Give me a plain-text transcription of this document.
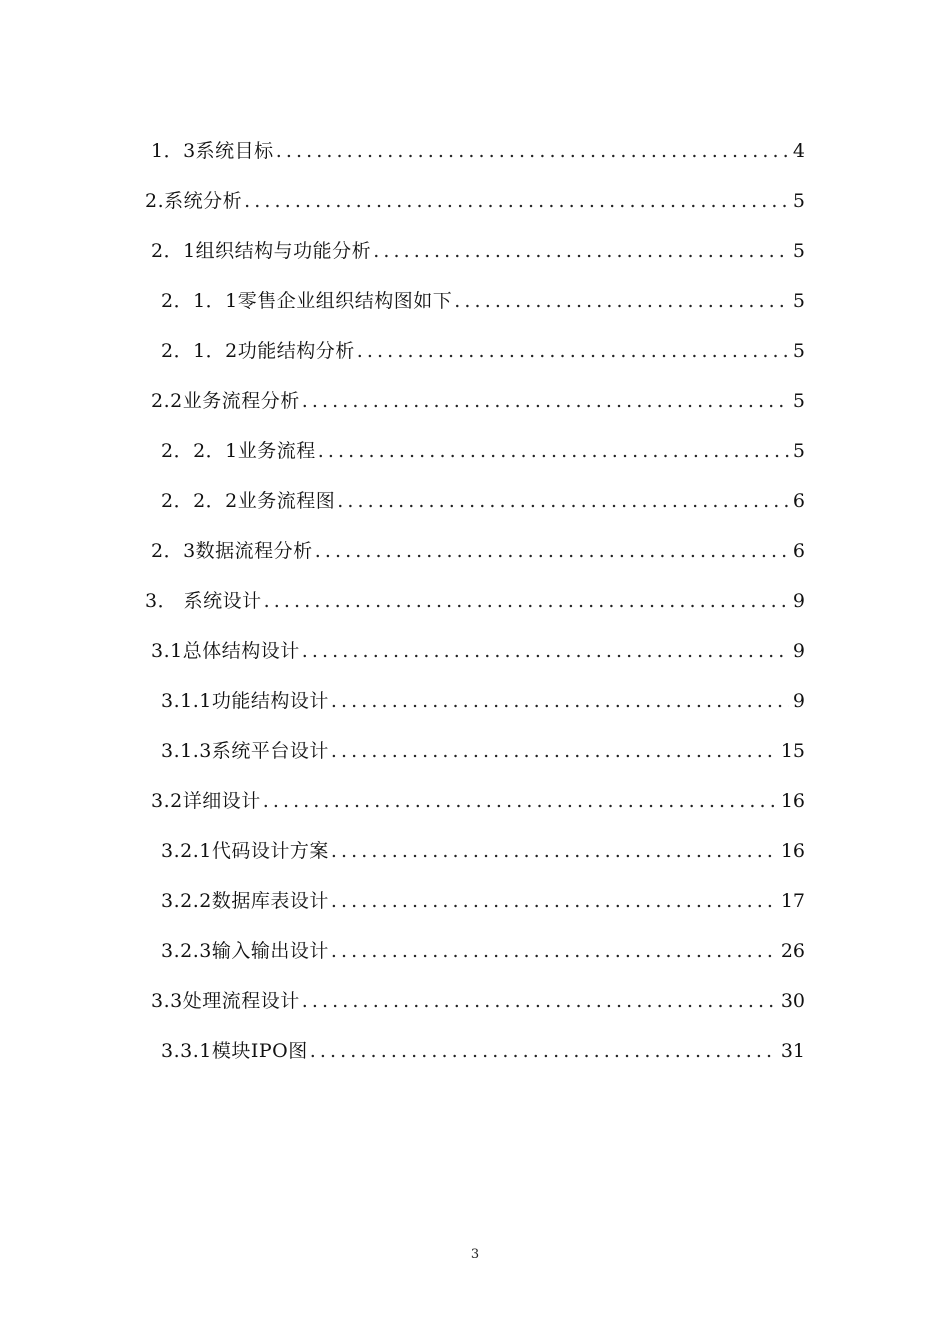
1．3系统目标 .....	4
2.系统分析 .....	5
2．1组织结构与功能分析 .....	5
2．1．1零售企业组织结构图如下 .....	5
2．1．2功能结构分析 .....	5
2.2业务流程分析 .....	5
2．2．1业务流程 .....	5
2．2．2业务流程图 .....	6
2．3数据流程分析 .....	6
3． 系统设计 .....	9
3.1总体结构设计 .....	9
3.1.1功能结构设计 .....	9
3.1.3系统平台设计 .....	15
3.2详细设计 .....	16
3.2.1代码设计方案 .....	16
3.2.2数据库表设计 .....	17
3.2.3输入输出设计 .....	26
3.3处理流程设计 .....	30
3.3.1模块IPO图 .....	31
3
